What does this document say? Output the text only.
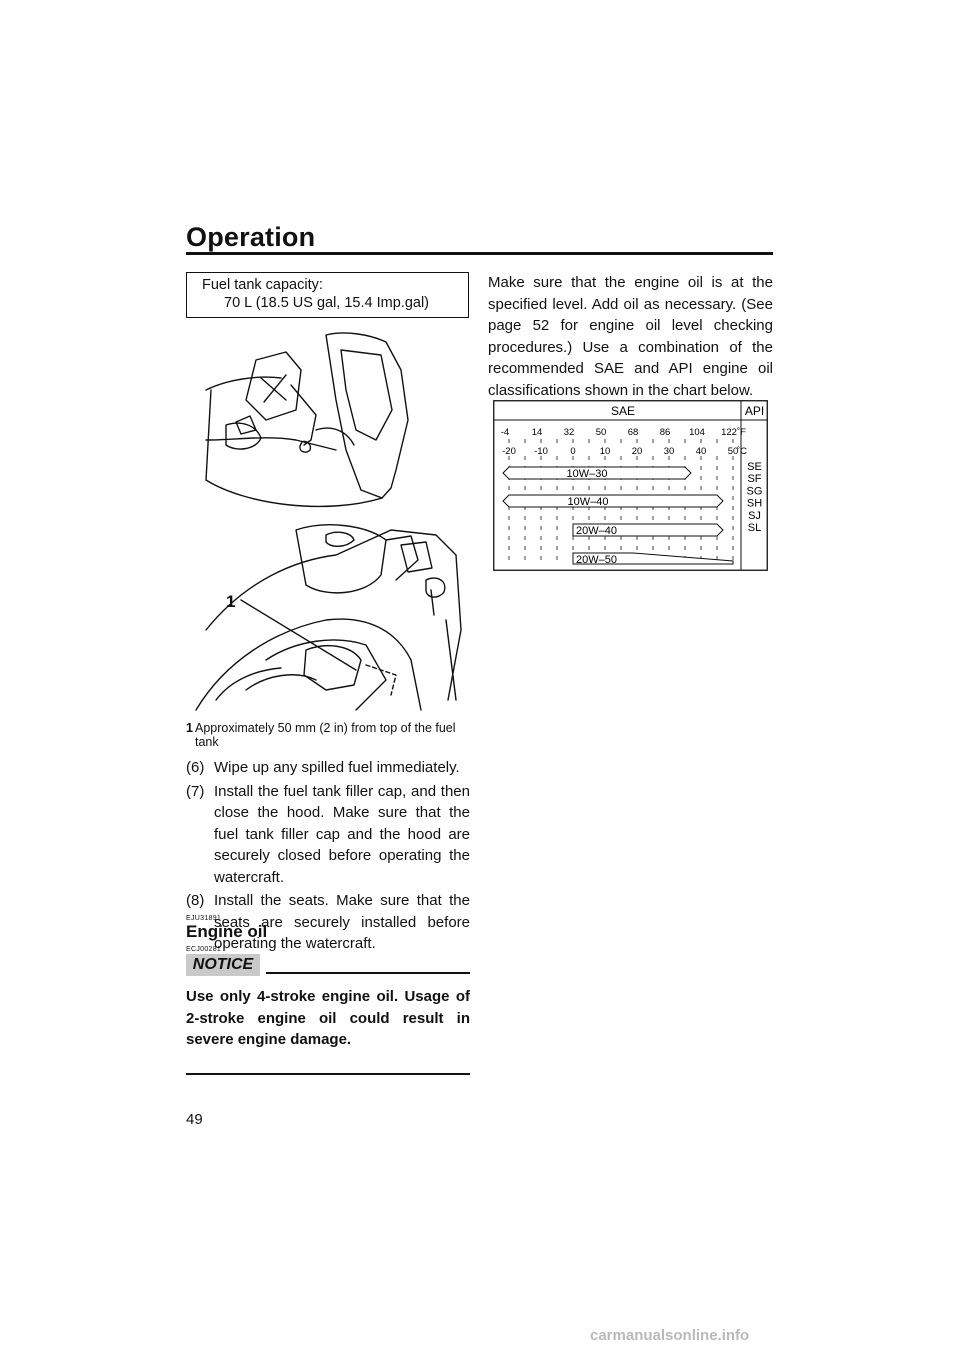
Operation
49
Fuel tank capacity:
70 L (18.5 US gal, 15.4 Imp.gal)
1
1 Approximately 50 mm (2 in) from top of the fuel tank
(6) Wipe up any spilled fuel immediately.
(7) Install the fuel tank filler cap, and then close the hood. Make sure that the fuel tank filler cap and the hood are securely closed before operating the watercraft.
(8) Install the seats. Make sure that the seats are securely installed before operating the watercraft.
EJU31891
Engine oil
ECJ00281
NOTICE
Use only 4-stroke engine oil. Usage of 2-stroke engine oil could result in severe engine damage.
Make sure that the engine oil is at the specified level. Add oil as necessary. (See page 52 for engine oil level checking procedures.) Use a combination of the recommended SAE and API engine oil classifications shown in the chart below.
SAE	API
-4 14 32 50 68 86 104 122 ˚F
-20 -10 0	10 20 30 40 50
˚C
10W–30
10W–40
20W–40
20W–50
SE
SF
SG
SH
SJ
SL
carmanualsonline.info
